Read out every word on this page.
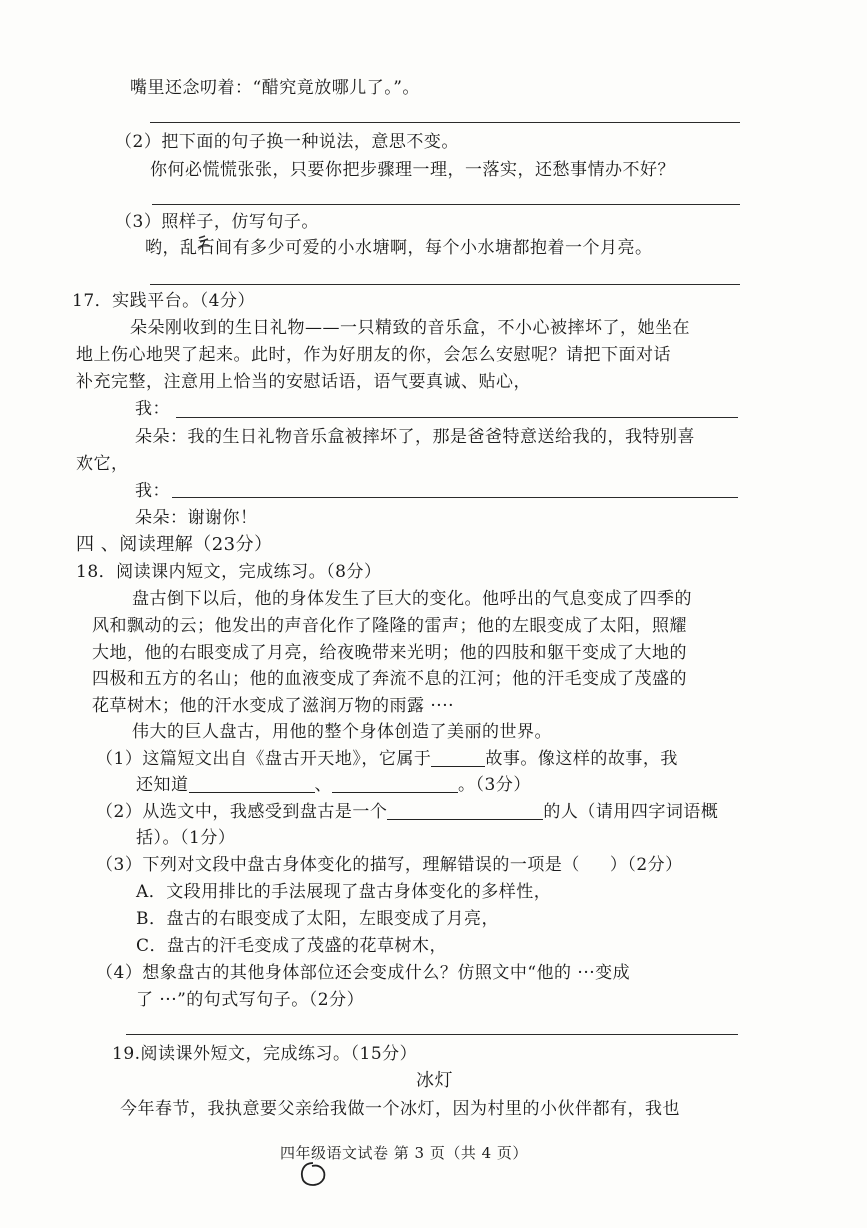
嘴里还念叨着：“醋究竟放哪儿了。”。
（2）把下面的句子换一种说法，意思不变。
你何必慌慌张张，只要你把步骤理一理，一落实，还愁事情办不好？
（3）照样子，仿写句子。
哟，乱石间有多少可爱的小水塘啊，每个小水塘都抱着一个月亮。
17．实践平台。（4分）
朵朵刚收到的生日礼物——一只精致的音乐盒，不小心被摔坏了，她坐在
地上伤心地哭了起来。此时，作为好朋友的你，会怎么安慰呢？请把下面对话
补充完整，注意用上恰当的安慰话语，语气要真诚、贴心，
我：
朵朵：我的生日礼物音乐盒被摔坏了，那是爸爸特意送给我的，我特别喜
欢它，
我：
朵朵：谢谢你！
四 、阅读理解（23分）
18．阅读课内短文，完成练习。（8分）
盘古倒下以后，他的身体发生了巨大的变化。他呼出的气息变成了四季的
风和飘动的云；他发出的声音化作了隆隆的雷声；他的左眼变成了太阳，照耀
大地，他的右眼变成了月亮，给夜晚带来光明；他的四肢和躯干变成了大地的
四极和五方的名山；他的血液变成了奔流不息的江河；他的汗毛变成了茂盛的
花草树木；他的汗水变成了滋润万物的雨露 ····
伟大的巨人盘古，用他的整个身体创造了美丽的世界。
（1）这篇短文出自《盘古开天地》，它属于	故事。像这样的故事，我
还知道	、	。（3分）
（2）从选文中，我感受到盘古是一个	的人（请用四字词语概
括）。（1分）
（3）下列对文段中盘古身体变化的描写，理解错误的一项是（ ）（2分）
A．文段用排比的手法展现了盘古身体变化的多样性，
B．盘古的右眼变成了太阳，左眼变成了月亮，
C．盘古的汗毛变成了茂盛的花草树木，
（4）想象盘古的其他身体部位还会变成什么？仿照文中“他的 ···变成
了 ···”的句式写句子。（2分）
19.阅读课外短文，完成练习。（15分）
冰灯
今年春节，我执意要父亲给我做一个冰灯，因为村里的小伙伴都有，我也
四年级语文试卷 第 3 页（共 4 页）
